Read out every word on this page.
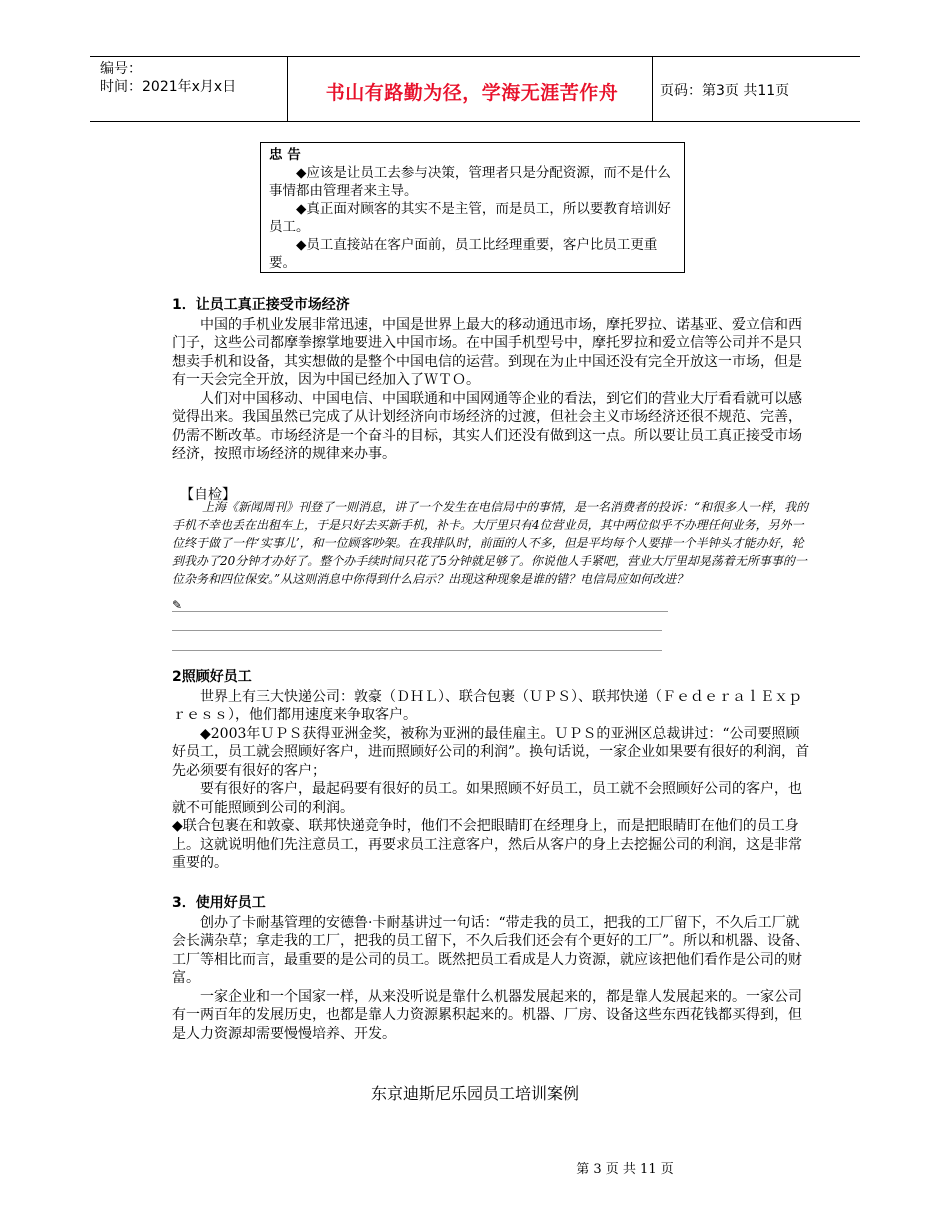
编号：
时间：2021年x月x日	书山有路勤为径，学海无涯苦作舟	页码：第3页 共11页
忠 告
◆应该是让员工去参与决策，管理者只是分配资源，而不是什么事情都由管理者来主导。
◆真正面对顾客的其实不是主管，而是员工，所以要教育培训好员工。
◆员工直接站在客户面前，员工比经理重要，客户比员工更重要。
1．让员工真正接受市场经济
中国的手机业发展非常迅速，中国是世界上最大的移动通迅市场，摩托罗拉、诺基亚、爱立信和西门子，这些公司都摩拳擦掌地要进入中国市场。在中国手机型号中，摩托罗拉和爱立信等公司并不是只想卖手机和设备，其实想做的是整个中国电信的运营。到现在为止中国还没有完全开放这一市场，但是有一天会完全开放，因为中国已经加入了ＷＴＯ。
人们对中国移动、中国电信、中国联通和中国网通等企业的看法，到它们的营业大厅看看就可以感觉得出来。我国虽然已完成了从计划经济向市场经济的过渡，但社会主义市场经济还很不规范、完善，仍需不断改革。市场经济是一个奋斗的目标，其实人们还没有做到这一点。所以要让员工真正接受市场经济，按照市场经济的规律来办事。
【自检】
上海《新闻周刊》刊登了一则消息，讲了一个发生在电信局中的事情，是一名消费者的投诉：“和很多人一样，我的手机不幸也丢在出租车上，于是只好去买新手机，补卡。大厅里只有4位营业员，其中两位似乎不办理任何业务，另外一位终于做了一件‘实事儿’，和一位顾客吵架。在我排队时，前面的人不多，但是平均每个人要排一个半钟头才能办好，轮到我办了20分钟才办好了。整个办手续时间只花了5分钟就足够了。你说他人手紧吧，营业大厅里却晃荡着无所事事的一位杂务和四位保安。”从这则消息中你得到什么启示？出现这种现象是谁的错？电信局应如何改进？
✎
2照顾好员工
世界上有三大快递公司：敦豪（ＤＨＬ）、联合包裹（ＵＰＳ）、联邦快递（ＦｅｄｅｒａｌＥｘｐｒｅｓｓ），他们都用速度来争取客户。
◆2003年ＵＰＳ获得亚洲金奖，被称为亚洲的最佳雇主。ＵＰＳ的亚洲区总裁讲过：“公司要照顾好员工，员工就会照顾好客户，进而照顾好公司的利润”。换句话说，一家企业如果要有很好的利润，首先必须要有很好的客户；
要有很好的客户，最起码要有很好的员工。如果照顾不好员工，员工就不会照顾好公司的客户，也就不可能照顾到公司的利润。
◆联合包裹在和敦豪、联邦快递竞争时，他们不会把眼睛盯在经理身上，而是把眼睛盯在他们的员工身上。这就说明他们先注意员工，再要求员工注意客户，然后从客户的身上去挖掘公司的利润，这是非常重要的。
3．使用好员工
创办了卡耐基管理的安德鲁·卡耐基讲过一句话：“带走我的员工，把我的工厂留下，不久后工厂就会长满杂草；拿走我的工厂，把我的员工留下，不久后我们还会有个更好的工厂”。所以和机器、设备、工厂等相比而言，最重要的是公司的员工。既然把员工看成是人力资源，就应该把他们看作是公司的财富。
一家企业和一个国家一样，从来没听说是靠什么机器发展起来的，都是靠人发展起来的。一家公司有一两百年的发展历史，也都是靠人力资源累积起来的。机器、厂房、设备这些东西花钱都买得到，但是人力资源却需要慢慢培养、开发。
东京迪斯尼乐园员工培训案例
第 3 页 共 11 页
